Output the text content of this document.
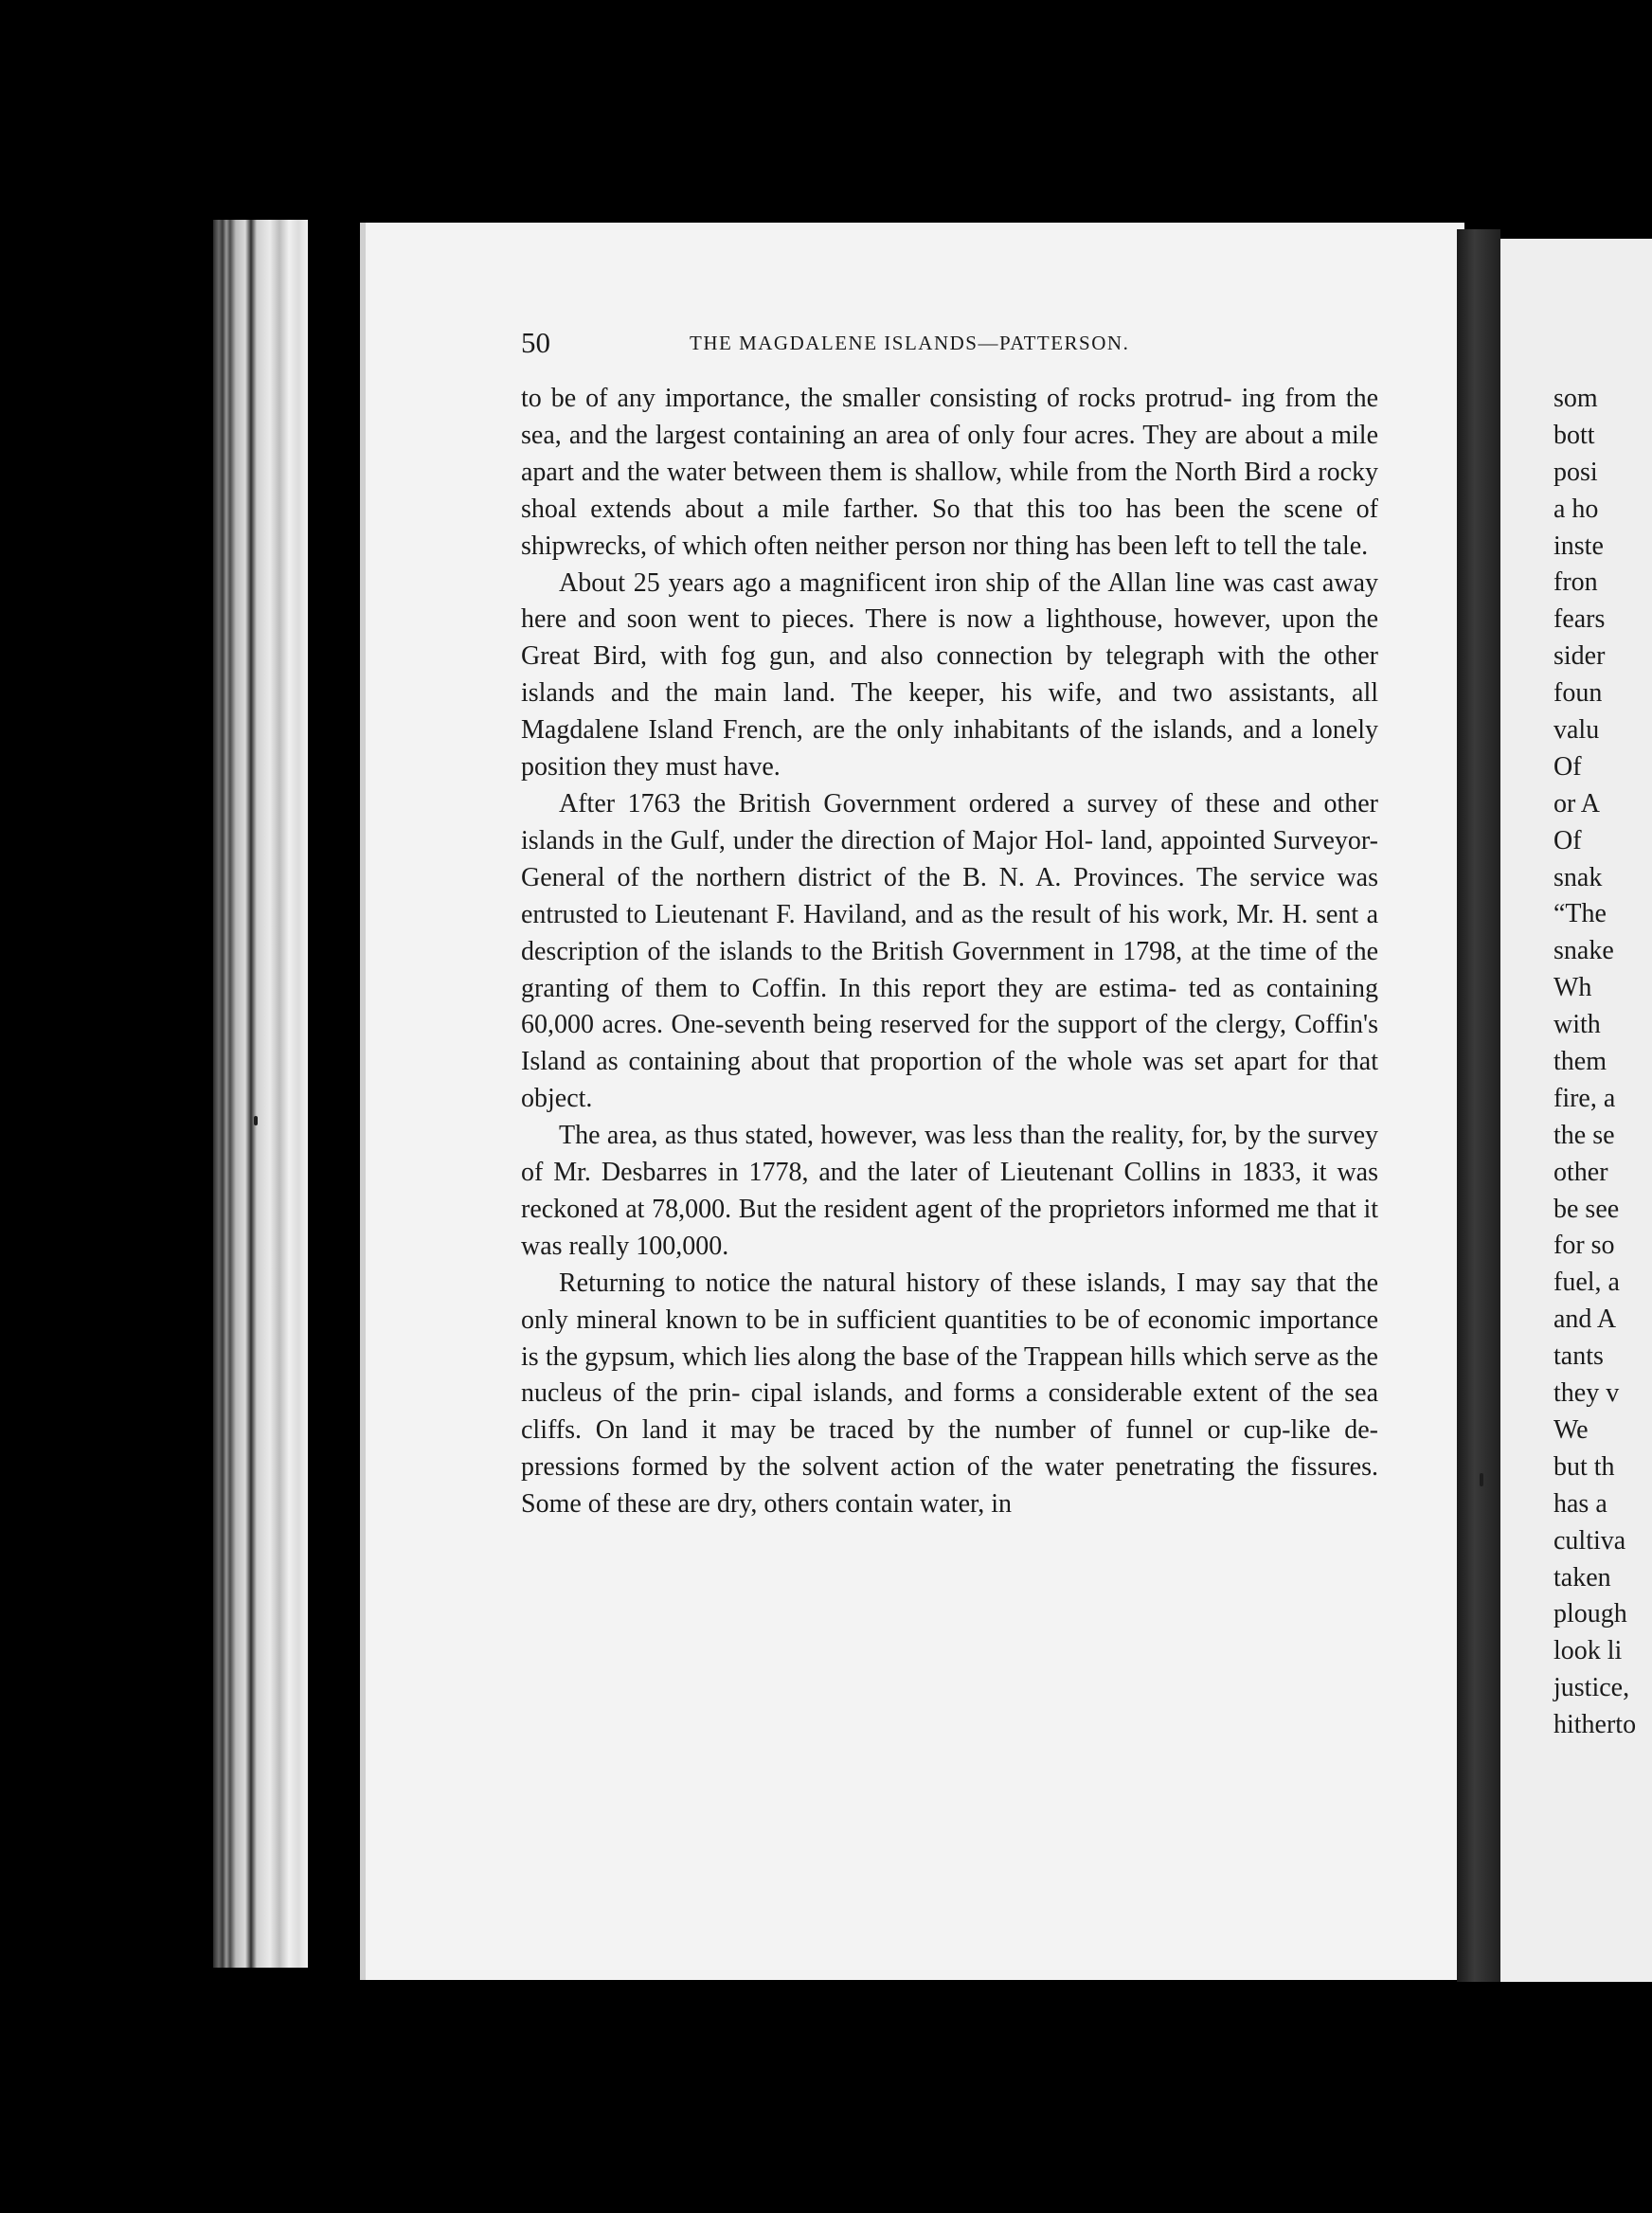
50	THE MAGDALENE ISLANDS—PATTERSON.

to be of any importance, the smaller consisting of rocks protrud- ing from the sea, and the largest containing an area of only four acres. They are about a mile apart and the water between them is shallow, while from the North Bird a rocky shoal extends about a mile farther. So that this too has been the scene of shipwrecks, of which often neither person nor thing has been left to tell the tale.

About 25 years ago a magnificent iron ship of the Allan line was cast away here and soon went to pieces. There is now a lighthouse, however, upon the Great Bird, with fog gun, and also connection by telegraph with the other islands and the main land. The keeper, his wife, and two assistants, all Magdalene Island French, are the only inhabitants of the islands, and a lonely position they must have.

After 1763 the British Government ordered a survey of these and other islands in the Gulf, under the direction of Major Hol- land, appointed Surveyor-General of the northern district of the B. N. A. Provinces. The service was entrusted to Lieutenant F. Haviland, and as the result of his work, Mr. H. sent a description of the islands to the British Government in 1798, at the time of the granting of them to Coffin. In this report they are estima- ted as containing 60,000 acres. One-seventh being reserved for the support of the clergy, Coffin's Island as containing about that proportion of the whole was set apart for that object.

The area, as thus stated, however, was less than the reality, for, by the survey of Mr. Desbarres in 1778, and the later of Lieutenant Collins in 1833, it was reckoned at 78,000. But the resident agent of the proprietors informed me that it was really 100,000.

Returning to notice the natural history of these islands, I may say that the only mineral known to be in sufficient quantities to be of economic importance is the gypsum, which lies along the base of the Trappean hills which serve as the nucleus of the prin- cipal islands, and forms a considerable extent of the sea cliffs. On land it may be traced by the number of funnel or cup-like de- pressions formed by the solvent action of the water penetrating the fissures. Some of these are dry, others contain water, in

som
bott
posi
a ho
inste
fron
fears
sider
foun
valu
Of
or A
Of
snak
“The
snake
Wh
with
them
fire, a
the se
other
be see
for so
fuel, a
and A
tants
they v
We
but th
has a
cultiva
taken
plough
look li
justice,
hitherto
